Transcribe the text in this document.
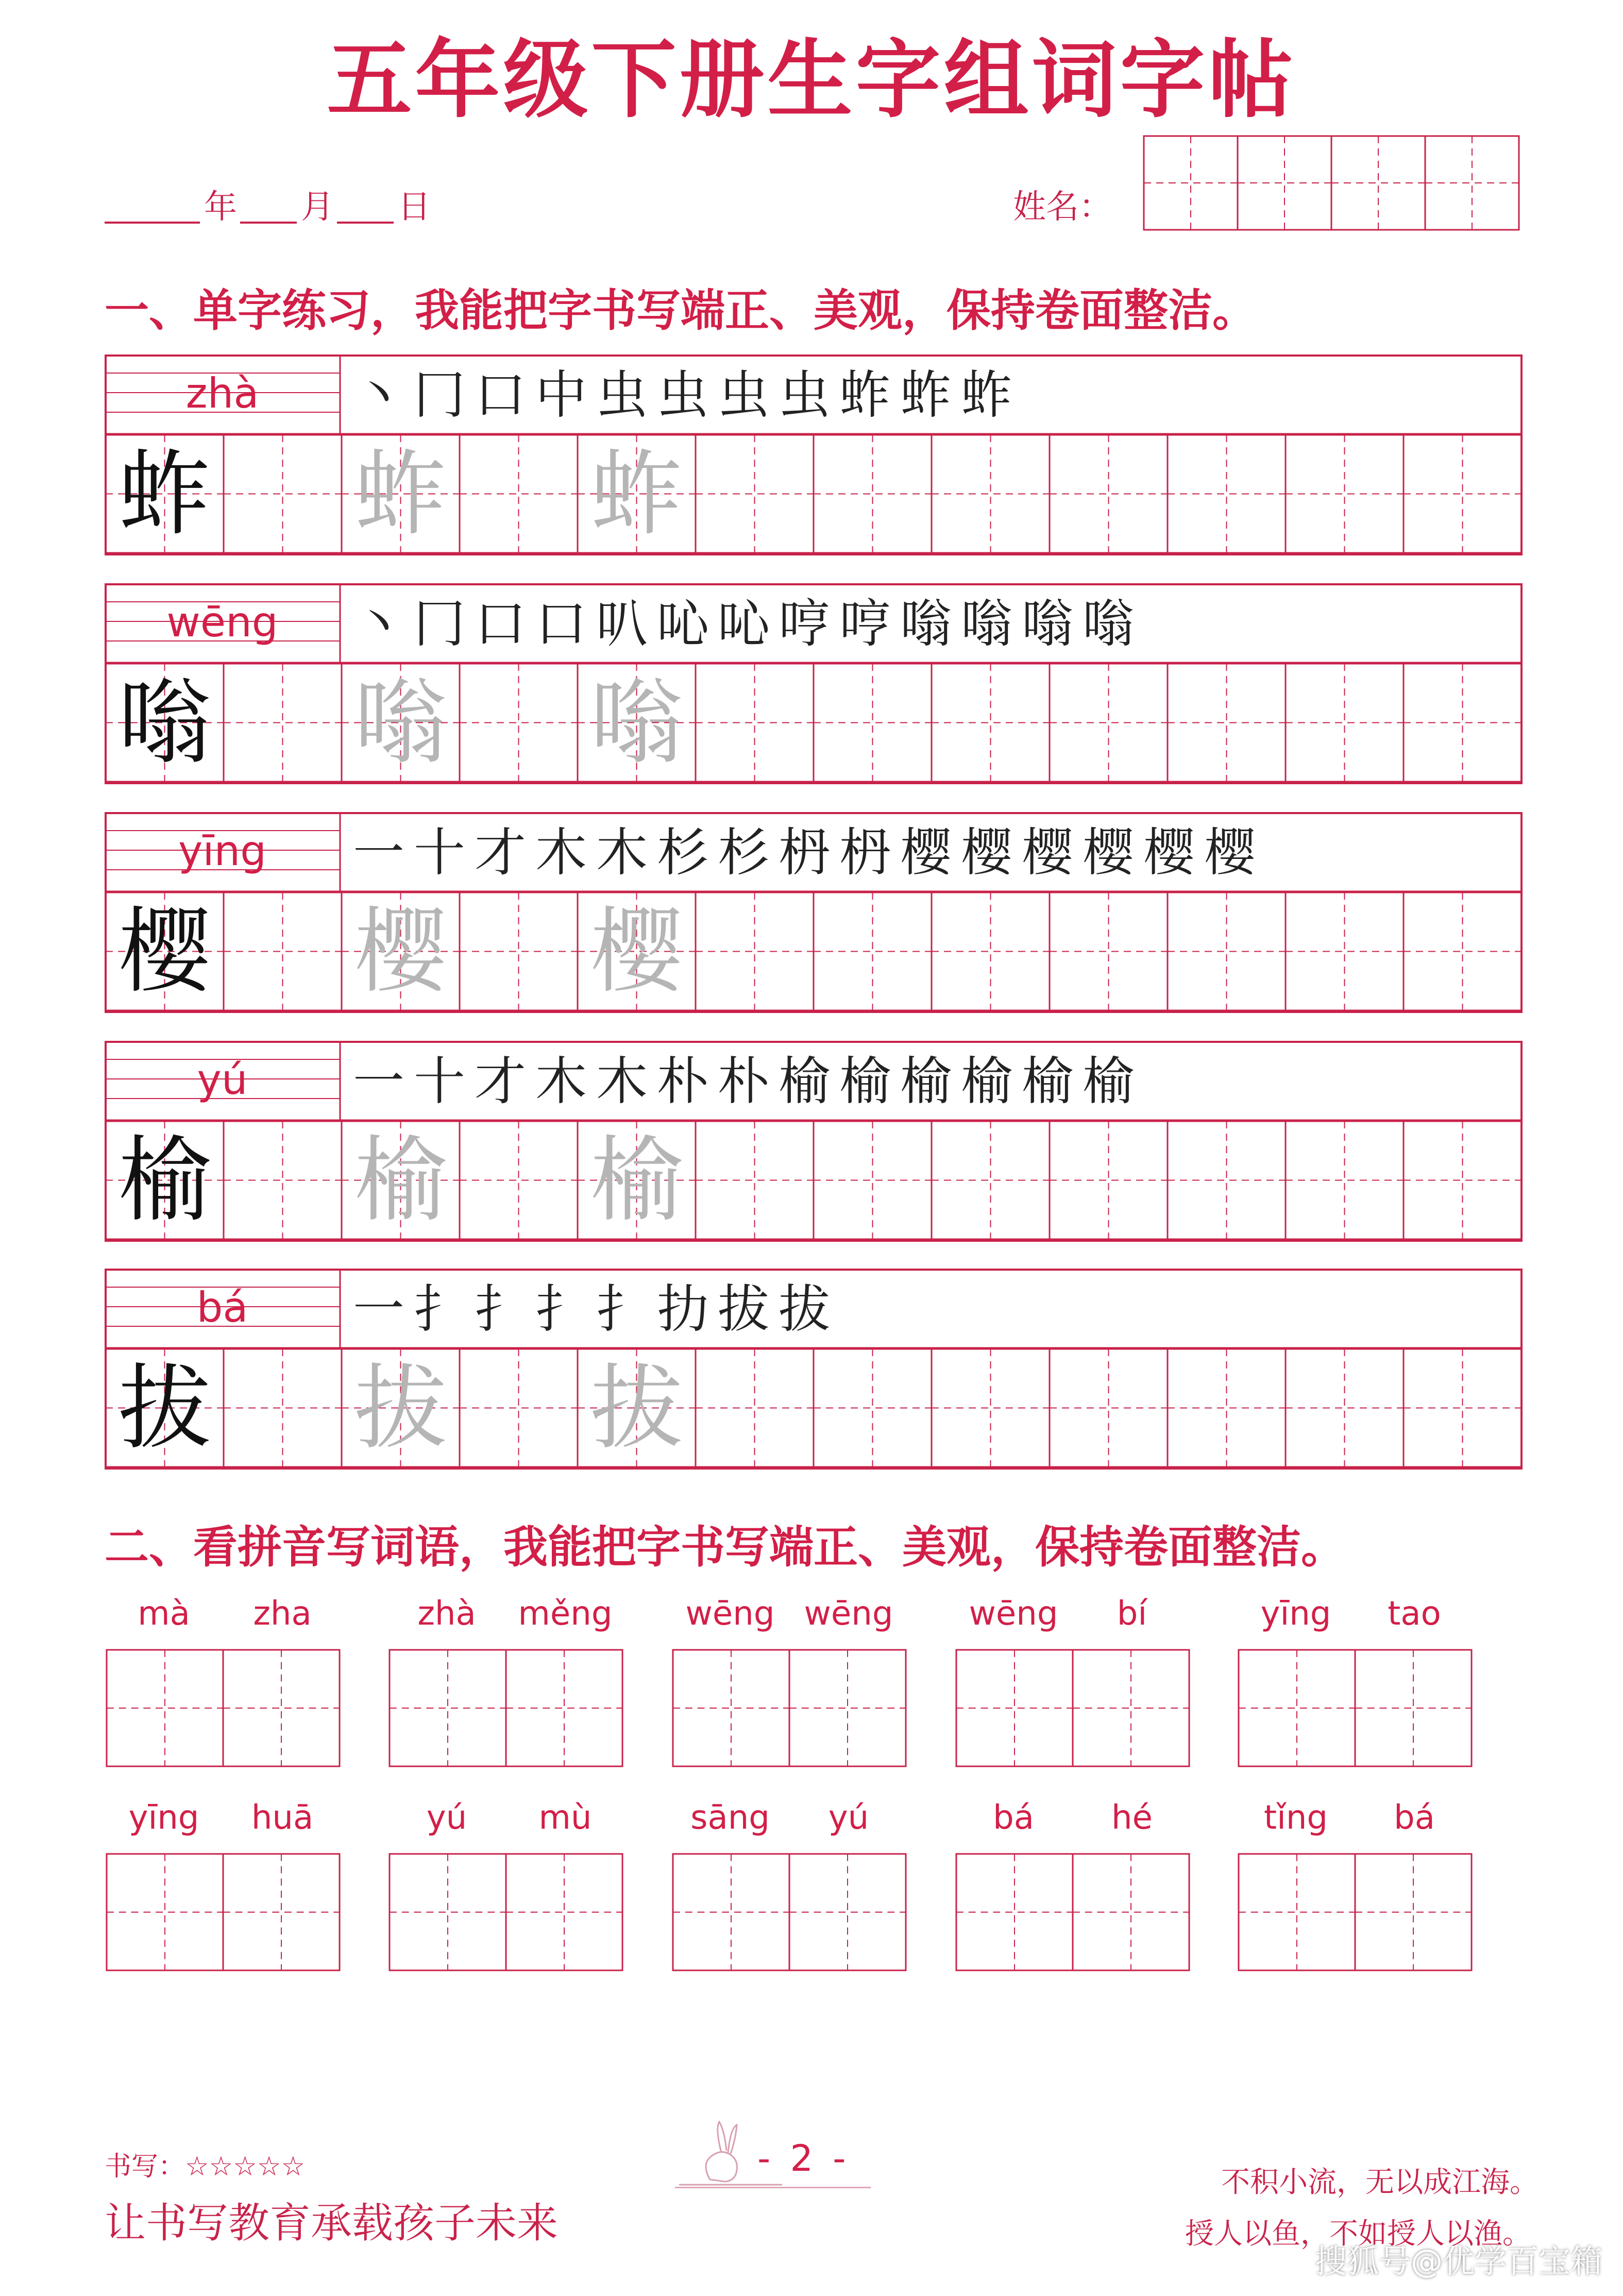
五年级下册生字组词字帖
年 月 日	姓名：
一、单字练习，我能把字书写端正、美观，保持卷面整洁。
zhà	丶 冂 口 中 虫 虫 虫 虫 蚱 蚱 蚱
蚱 蚱 蚱
wēng	丶 冂 口 口 叭 吣 吣 哼 哼 嗡 嗡 嗡 嗡
嗡 嗡 嗡
yīng	一 十 才 木 木 杉 杉 枬 枬 樱 樱 樱 樱 樱 樱
樱 樱 樱
yú	一 十 才 木 木 朴 朴 榆 榆 榆 榆 榆 榆
榆 榆 榆
bá	一 扌 扌 扌 扌 扐 拔 拔
拔 拔 拔
二、看拼音写词语，我能把字书写端正、美观，保持卷面整洁。
mà	zha	zhà	měng	wēng wēng	wēng	bí	yīng	tao
yīng	huā	yú	mù	sāng	yú	bá	hé	tǐng	bá
书写：☆☆☆☆☆	- 2 -
让书写教育承载孩子未来
不积小流，无以成江海。
授人以鱼，不如授人以渔。
搜狐号@优学百宝箱
